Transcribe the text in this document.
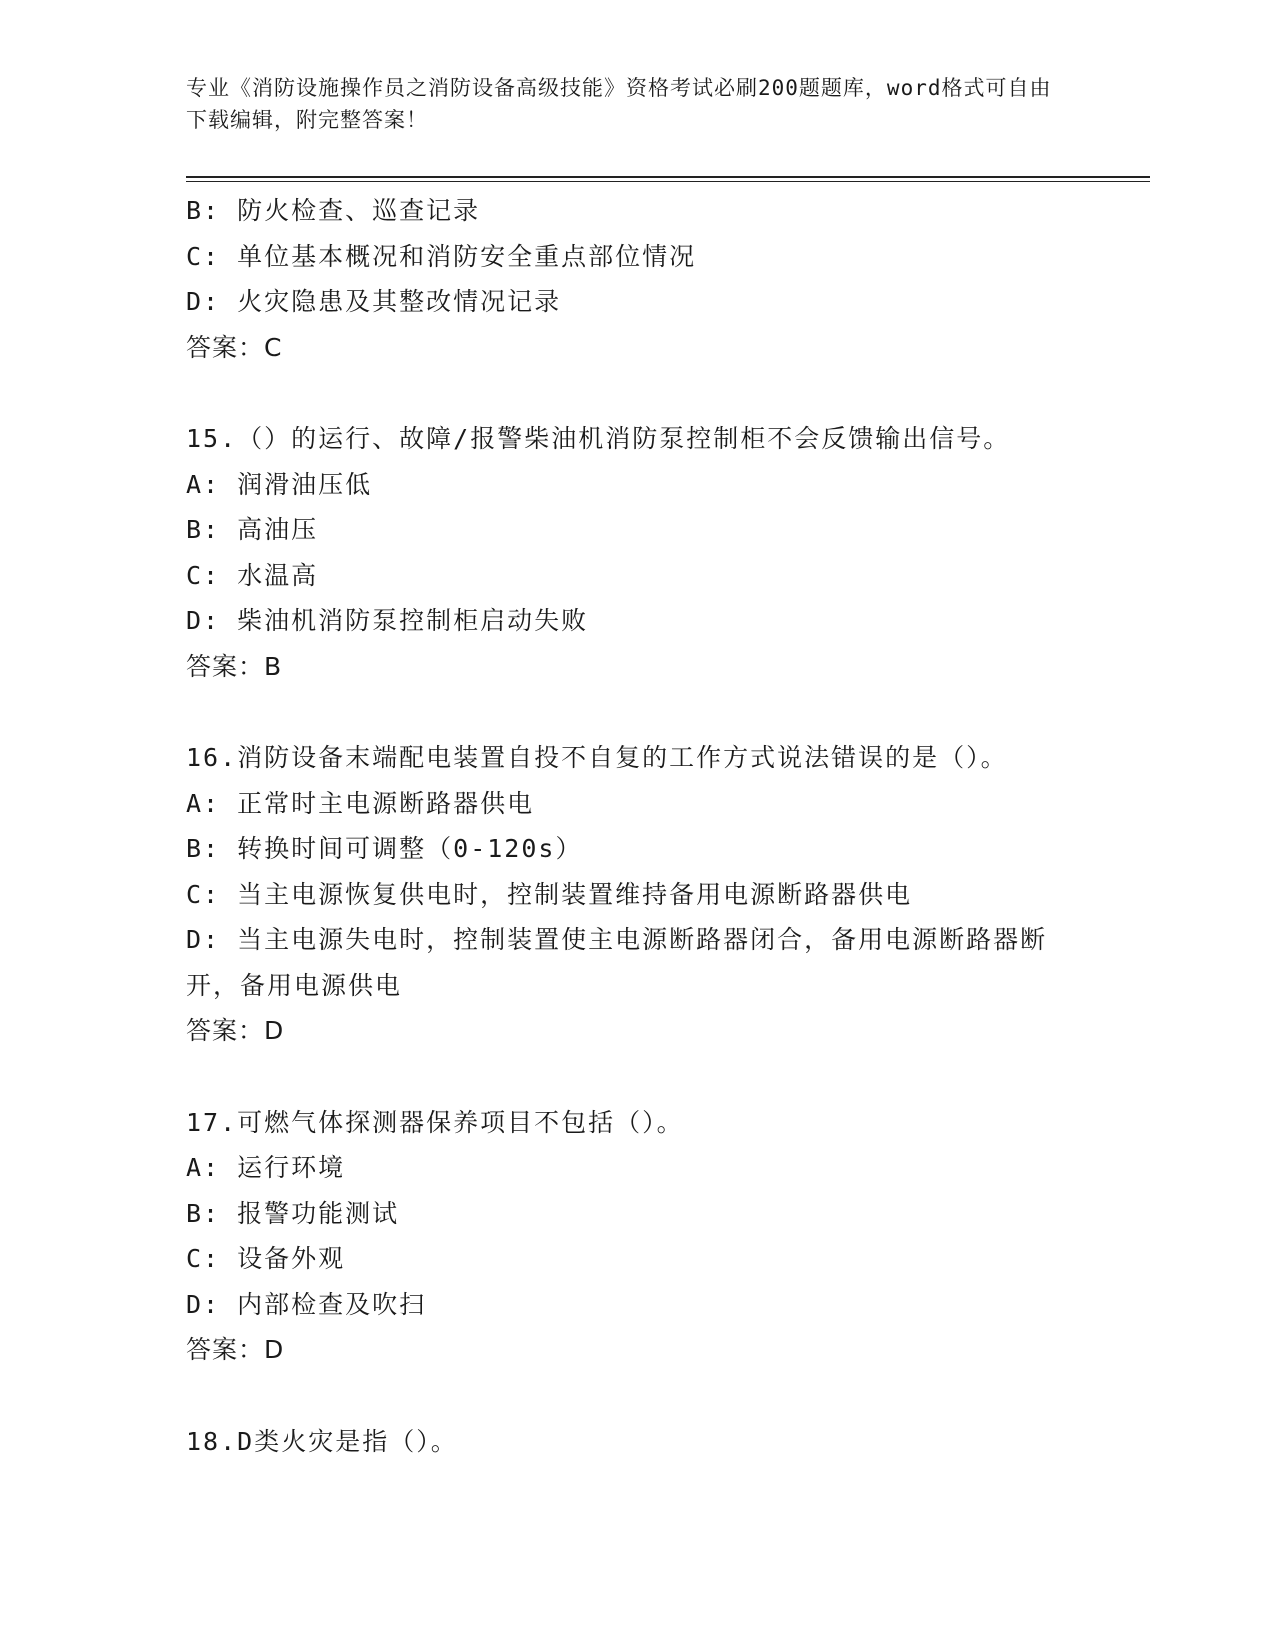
专业《消防设施操作员之消防设备高级技能》资格考试必刷200题题库，word格式可自由下载编辑，附完整答案！

B: 防火检查、巡查记录

C: 单位基本概况和消防安全重点部位情况

D: 火灾隐患及其整改情况记录

答案：C

15.（）的运行、故障/报警柴油机消防泵控制柜不会反馈输出信号。

A: 润滑油压低

B: 高油压

C: 水温高

D: 柴油机消防泵控制柜启动失败

答案：B

16.消防设备末端配电装置自投不自复的工作方式说法错误的是（）。

A: 正常时主电源断路器供电

B: 转换时间可调整（0-120s）

C: 当主电源恢复供电时，控制装置维持备用电源断路器供电

D: 当主电源失电时，控制装置使主电源断路器闭合，备用电源断路器断开，备用电源供电

答案：D

17.可燃气体探测器保养项目不包括（）。

A: 运行环境

B: 报警功能测试

C: 设备外观

D: 内部检查及吹扫

答案：D

18.D类火灾是指（）。
